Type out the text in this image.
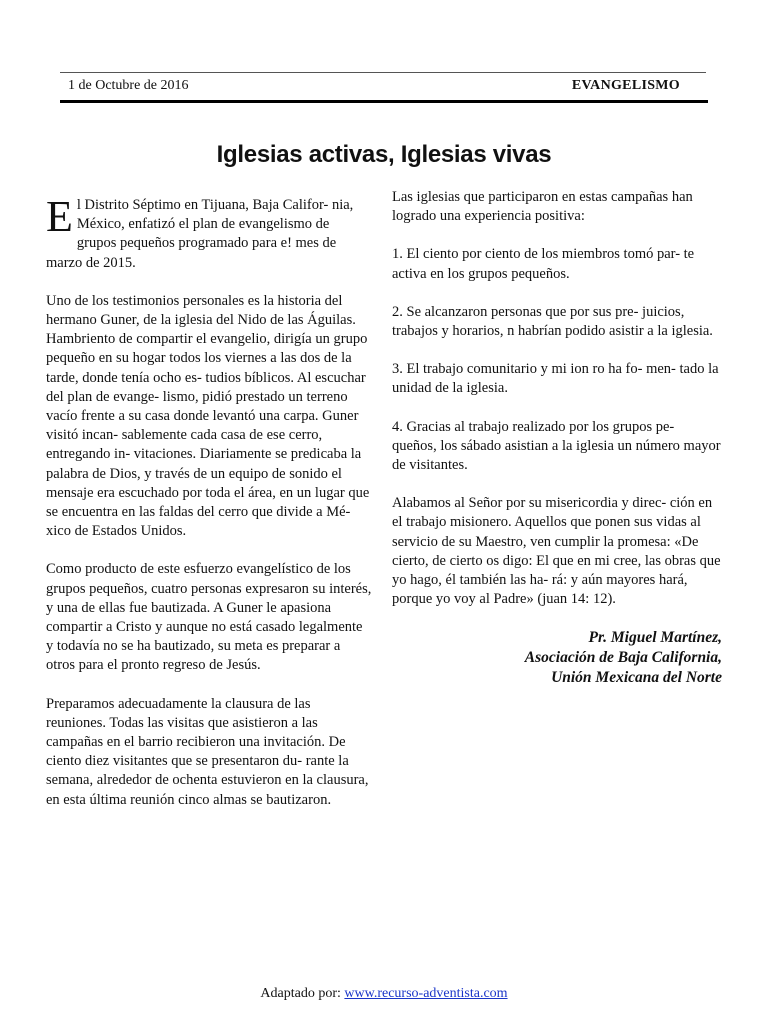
1 de Octubre de 2016	EVANGELISMO
Iglesias activas, Iglesias vivas

El Distrito Séptimo en Tijuana, Baja Califor- nia, México, enfatizó el plan de evangelismo de grupos pequeños programado para e! mes de marzo de 2015.

Uno de los testimonios personales es la historia del hermano Guner, de la iglesia del Nido de las Águilas. Hambriento de compartir el evangelio, dirigía un grupo pequeño en su hogar todos los viernes a las dos de la tarde, donde tenía ocho es- tudios bíblicos. Al escuchar del plan de evange- lismo, pidió prestado un terreno vacío frente a su casa donde levantó una carpa. Guner visitó incan- sablemente cada casa de ese cerro, entregando in- vitaciones. Diariamente se predicaba la palabra de Dios, y través de un equipo de sonido el mensaje era escuchado por toda el área, en un lugar que se encuentra en las faldas del cerro que divide a Mé- xico de Estados Unidos.

Como producto de este esfuerzo evangelístico de los grupos pequeños, cuatro personas expresaron su interés, y una de ellas fue bautizada. A Guner le apasiona compartir a Cristo y aunque no está casado legalmente y todavía no se ha bautizado, su meta es preparar a otros para el pronto regreso de Jesús.

Preparamos adecuadamente la clausura de las reuniones. Todas las visitas que asistieron a las campañas en el barrio recibieron una invitación. De ciento diez visitantes que se presentaron du- rante la semana, alrededor de ochenta estuvieron en la clausura, en esta última reunión cinco almas se bautizaron.

Las iglesias que participaron en estas campañas han logrado una experiencia positiva:

1. El ciento por ciento de los miembros tomó par- te activa en los grupos pequeños.

2. Se alcanzaron personas que por sus pre- juicios, trabajos y horarios, n habrían podido asistir a la iglesia.

3. El trabajo comunitario y mi ion ro ha fo- men- tado la unidad de la iglesia.

4. Gracias al trabajo realizado por los grupos pe- queños, los sábado asistian a la iglesia un número mayor de visitantes.

Alabamos al Señor por su misericordia y direc- ción en el trabajo misionero. Aquellos que ponen sus vidas al servicio de su Maestro, ven cumplir la promesa: «De cierto, de cierto os digo: El que en mi cree, las obras que yo hago, él también las ha- rá: y aún mayores hará, porque yo voy al Padre» (juan 14: 12).

Pr. Miguel Martínez,
Asociación de Baja California,
Unión Mexicana del Norte
Adaptado por: www.recurso-adventista.com
